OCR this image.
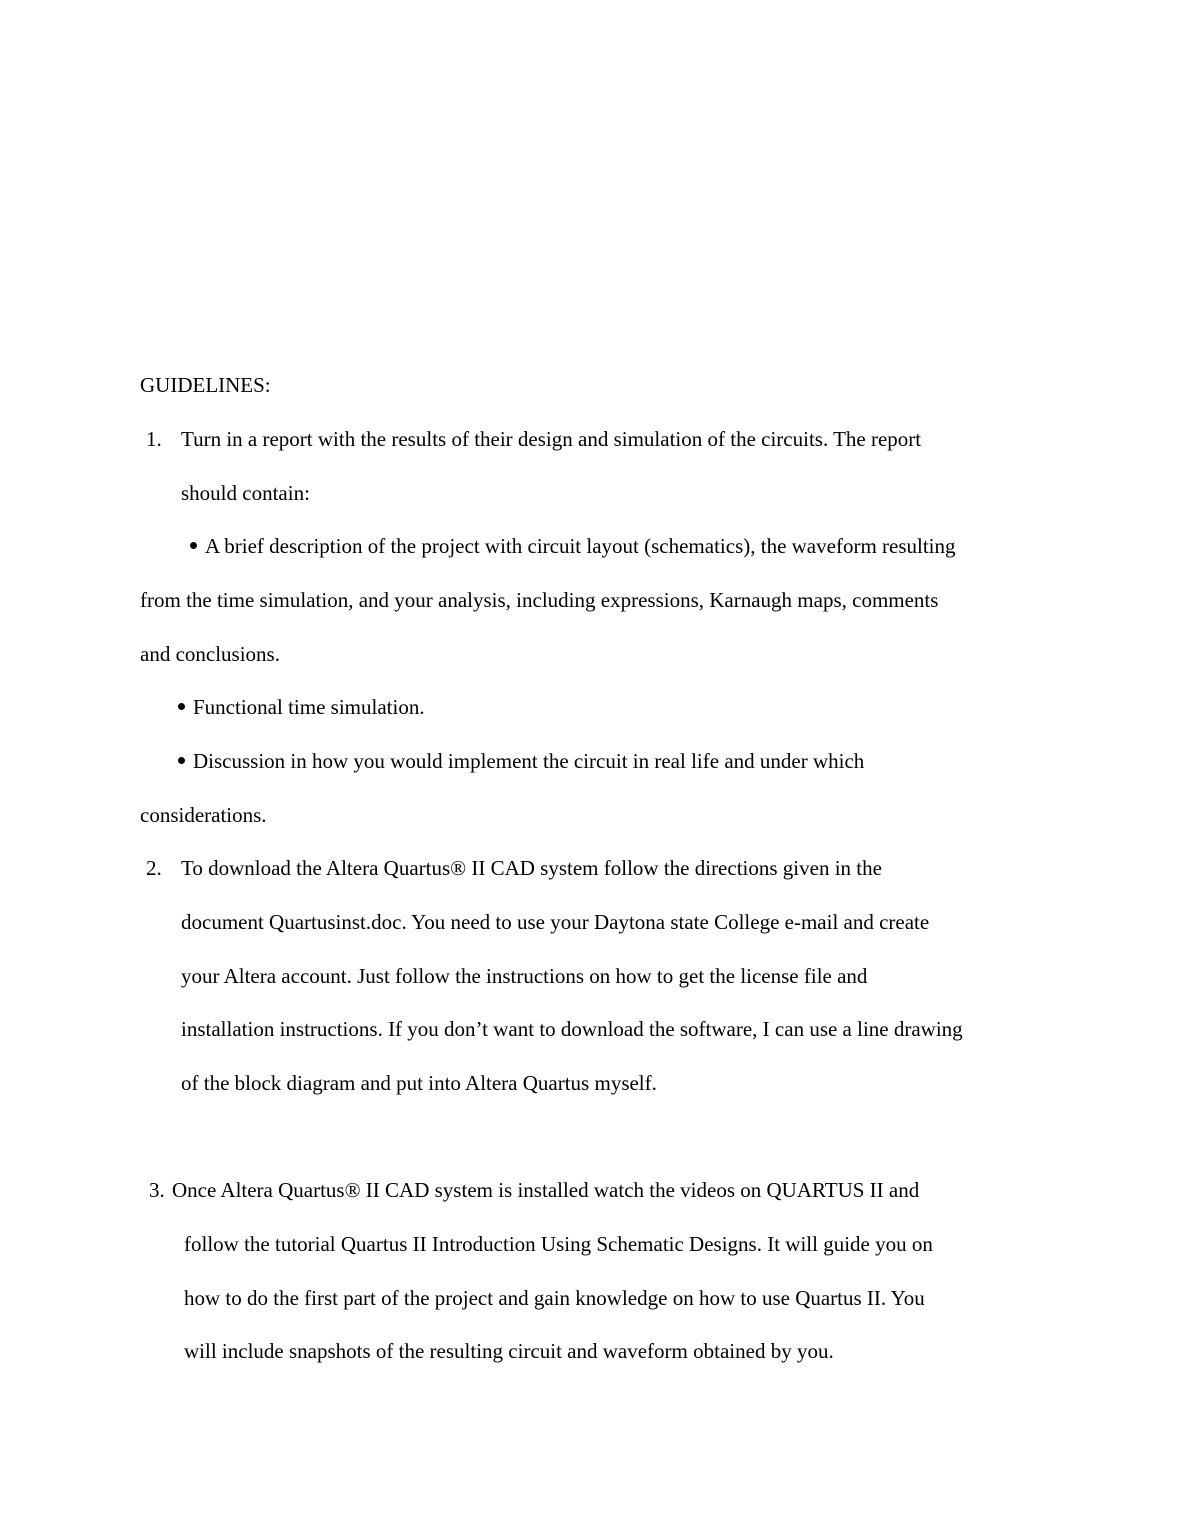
GUIDELINES:
1. Turn in a report with the results of their design and simulation of the circuits. The report
should contain:
A brief description of the project with circuit layout (schematics), the waveform resulting
from the time simulation, and your analysis, including expressions, Karnaugh maps, comments
and conclusions.
Functional time simulation.
Discussion in how you would implement the circuit in real life and under which
considerations.
2. To download the Altera Quartus® II CAD system follow the directions given in the
document Quartusinst.doc. You need to use your Daytona state College e-mail and create
your Altera account. Just follow the instructions on how to get the license file and
installation instructions. If you don’t want to download the software, I can use a line drawing
of the block diagram and put into Altera Quartus myself.
3. Once Altera Quartus® II CAD system is installed watch the videos on QUARTUS II and
follow the tutorial Quartus II Introduction Using Schematic Designs. It will guide you on
how to do the first part of the project and gain knowledge on how to use Quartus II. You
will include snapshots of the resulting circuit and waveform obtained by you.
